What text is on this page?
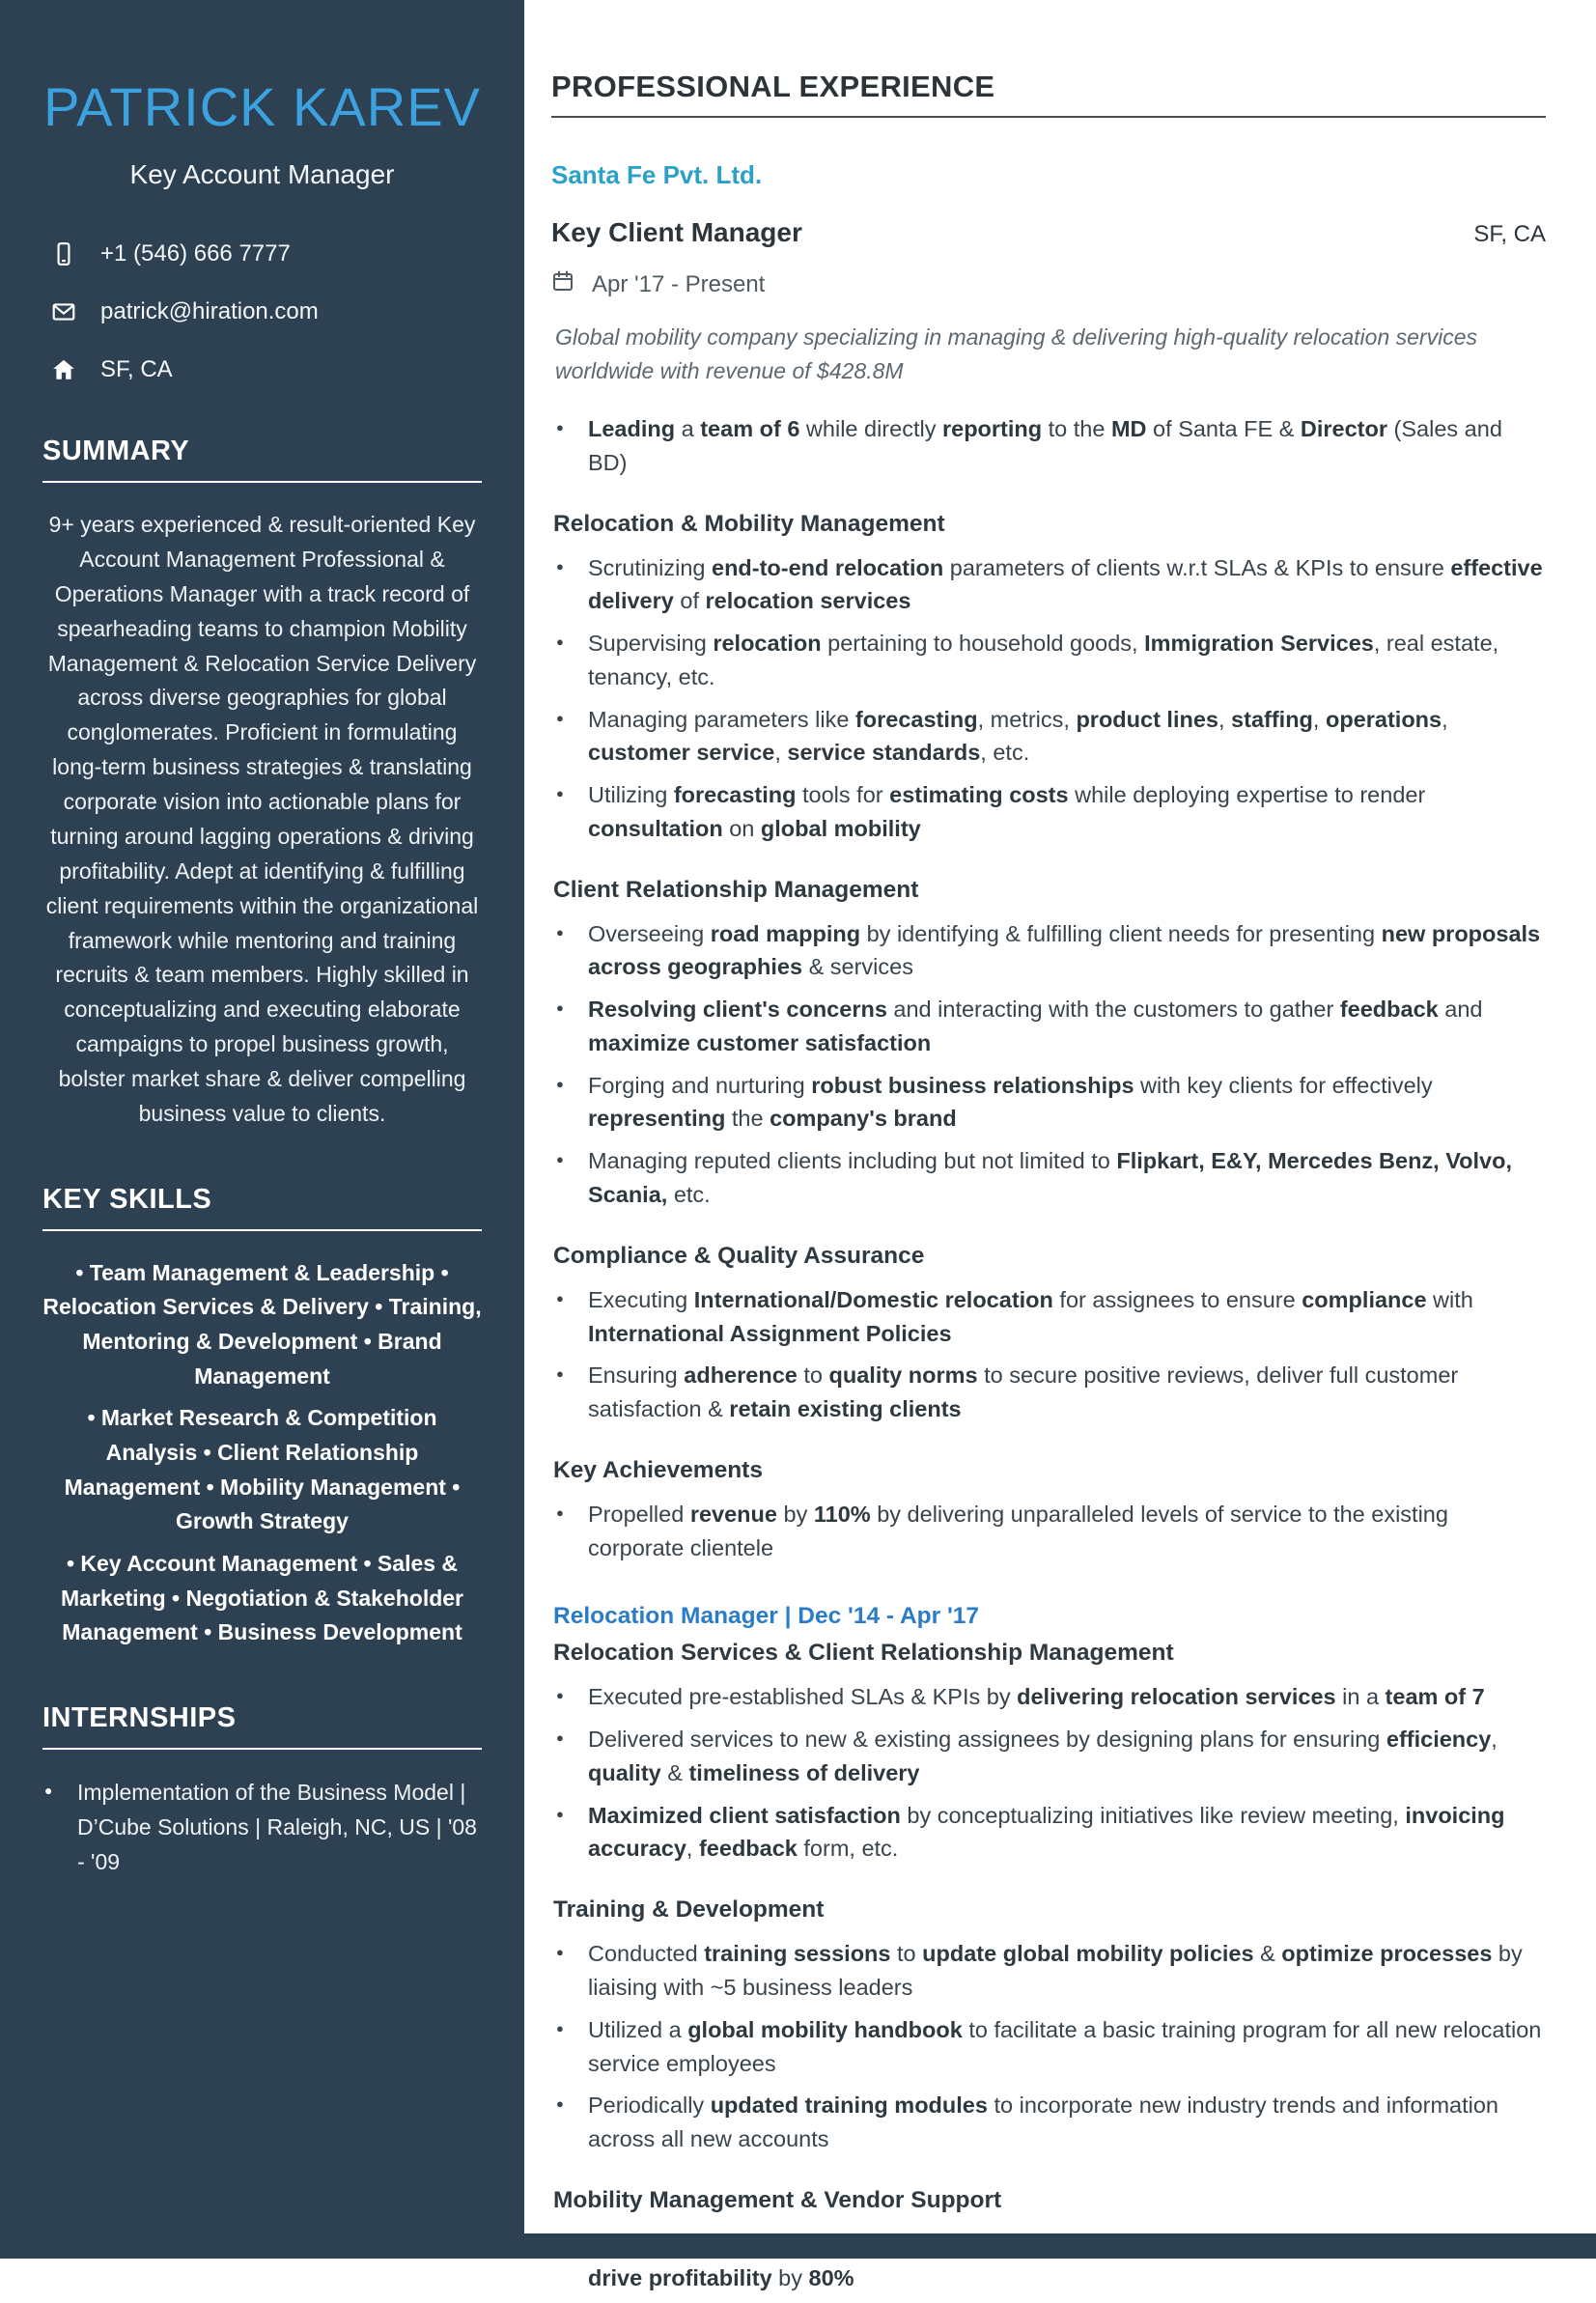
PATRICK KAREV
Key Account Manager
+1 (546) 666 7777
patrick@hiration.com
SF, CA
SUMMARY

9+ years experienced & result-oriented Key Account Management Professional & Operations Manager with a track record of spearheading teams to champion Mobility Management & Relocation Service Delivery across diverse geographies for global conglomerates. Proficient in formulating long-term business strategies & translating corporate vision into actionable plans for turning around lagging operations & driving profitability. Adept at identifying & fulfilling client requirements within the organizational framework while mentoring and training recruits & team members. Highly skilled in conceptualizing and executing elaborate campaigns to propel business growth, bolster market share & deliver compelling business value to clients.

KEY SKILLS

• Team Management & Leadership • Relocation Services & Delivery • Training, Mentoring & Development • Brand Management

• Market Research & Competition Analysis • Client Relationship Management • Mobility Management • Growth Strategy

• Key Account Management • Sales & Marketing • Negotiation & Stakeholder Management • Business Development

INTERNSHIPS
● Implementation of the Business Model | D’Cube Solutions | Raleigh, NC, US | '08 - '09
PROFESSIONAL EXPERIENCE
Santa Fe Pvt. Ltd.
Key Client Manager	SF, CA
Apr '17 - Present

Global mobility company specializing in managing & delivering high-quality relocation services worldwide with revenue of $428.8M

● Leading a team of 6 while directly reporting to the MD of Santa FE & Director (Sales and BD)
Relocation & Mobility Management
● Scrutinizing end-to-end relocation parameters of clients w.r.t SLAs & KPIs to ensure effective delivery of relocation services
● Supervising relocation pertaining to household goods, Immigration Services, real estate, tenancy, etc.
● Managing parameters like forecasting, metrics, product lines, staffing, operations, customer service, service standards, etc.
● Utilizing forecasting tools for estimating costs while deploying expertise to render consultation on global mobility
Client Relationship Management
● Overseeing road mapping by identifying & fulfilling client needs for presenting new proposals across geographies & services
● Resolving client's concerns and interacting with the customers to gather feedback and maximize customer satisfaction
● Forging and nurturing robust business relationships with key clients for effectively representing the company's brand
● Managing reputed clients including but not limited to Flipkart, E&Y, Mercedes Benz, Volvo, Scania, etc.
Compliance & Quality Assurance
● Executing International/Domestic relocation for assignees to ensure compliance with International Assignment Policies
● Ensuring adherence to quality norms to secure positive reviews, deliver full customer satisfaction & retain existing clients
Key Achievements
● Propelled revenue by 110% by delivering unparalleled levels of service to the existing corporate clientele
Relocation Manager | Dec '14 - Apr '17
Relocation Services & Client Relationship Management
● Executed pre-established SLAs & KPIs by delivering relocation services in a team of 7
● Delivered services to new & existing assignees by designing plans for ensuring efficiency, quality & timeliness of delivery
● Maximized client satisfaction by conceptualizing initiatives like review meeting, invoicing accuracy, feedback form, etc.
Training & Development
● Conducted training sessions to update global mobility policies & optimize processes by liaising with ~5 business leaders
● Utilized a global mobility handbook to facilitate a basic training program for all new relocation service employees
● Periodically updated training modules to incorporate new industry trends and information across all new accounts
Mobility Management & Vendor Support
● drive profitability by 80%
